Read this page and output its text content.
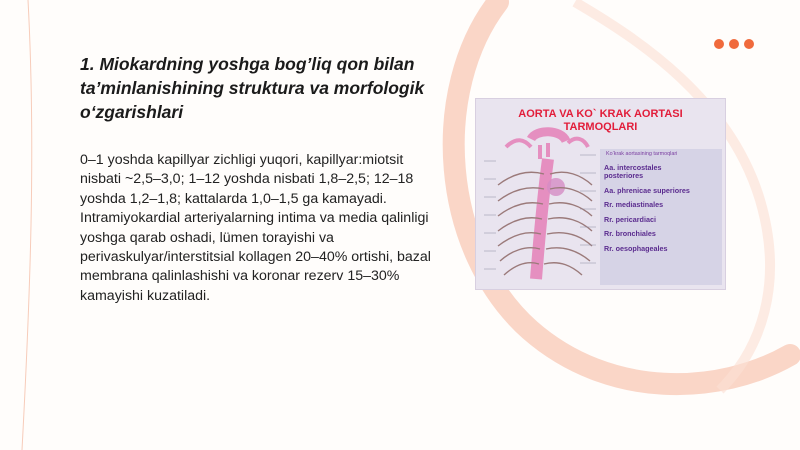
1. Miokardning yoshga bog’liq qon bilan ta’minlanishining struktura va morfologik o‘zgarishlari

0–1 yoshda kapillyar zichligi yuqori, kapillyar:miotsit nisbati ~2,5–3,0; 1–12 yoshda nisbati 1,8–2,5; 12–18 yoshda 1,2–1,8; kattalarda 1,0–1,5 ga kamayadi. Intramiyokardial arteriyalarning intima va media qalinligi yoshga qarab oshadi, lümen torayishi va perivaskulyar/interstitsial kollagen 20–40% ortishi, bazal membrana qalinlashishi va koronar rezerv 15–30% kamayishi kuzatiladi.

AORTA VA KO` KRAK AORTASI
TARMOQLARI
Ko‘krak aortasining tarmoqlari
Aa. intercostales
posteriores
Aa. phrenicae superiores
Rr. mediastinales
Rr. pericardiaci
Rr. bronchiales
Rr. oesophageales
